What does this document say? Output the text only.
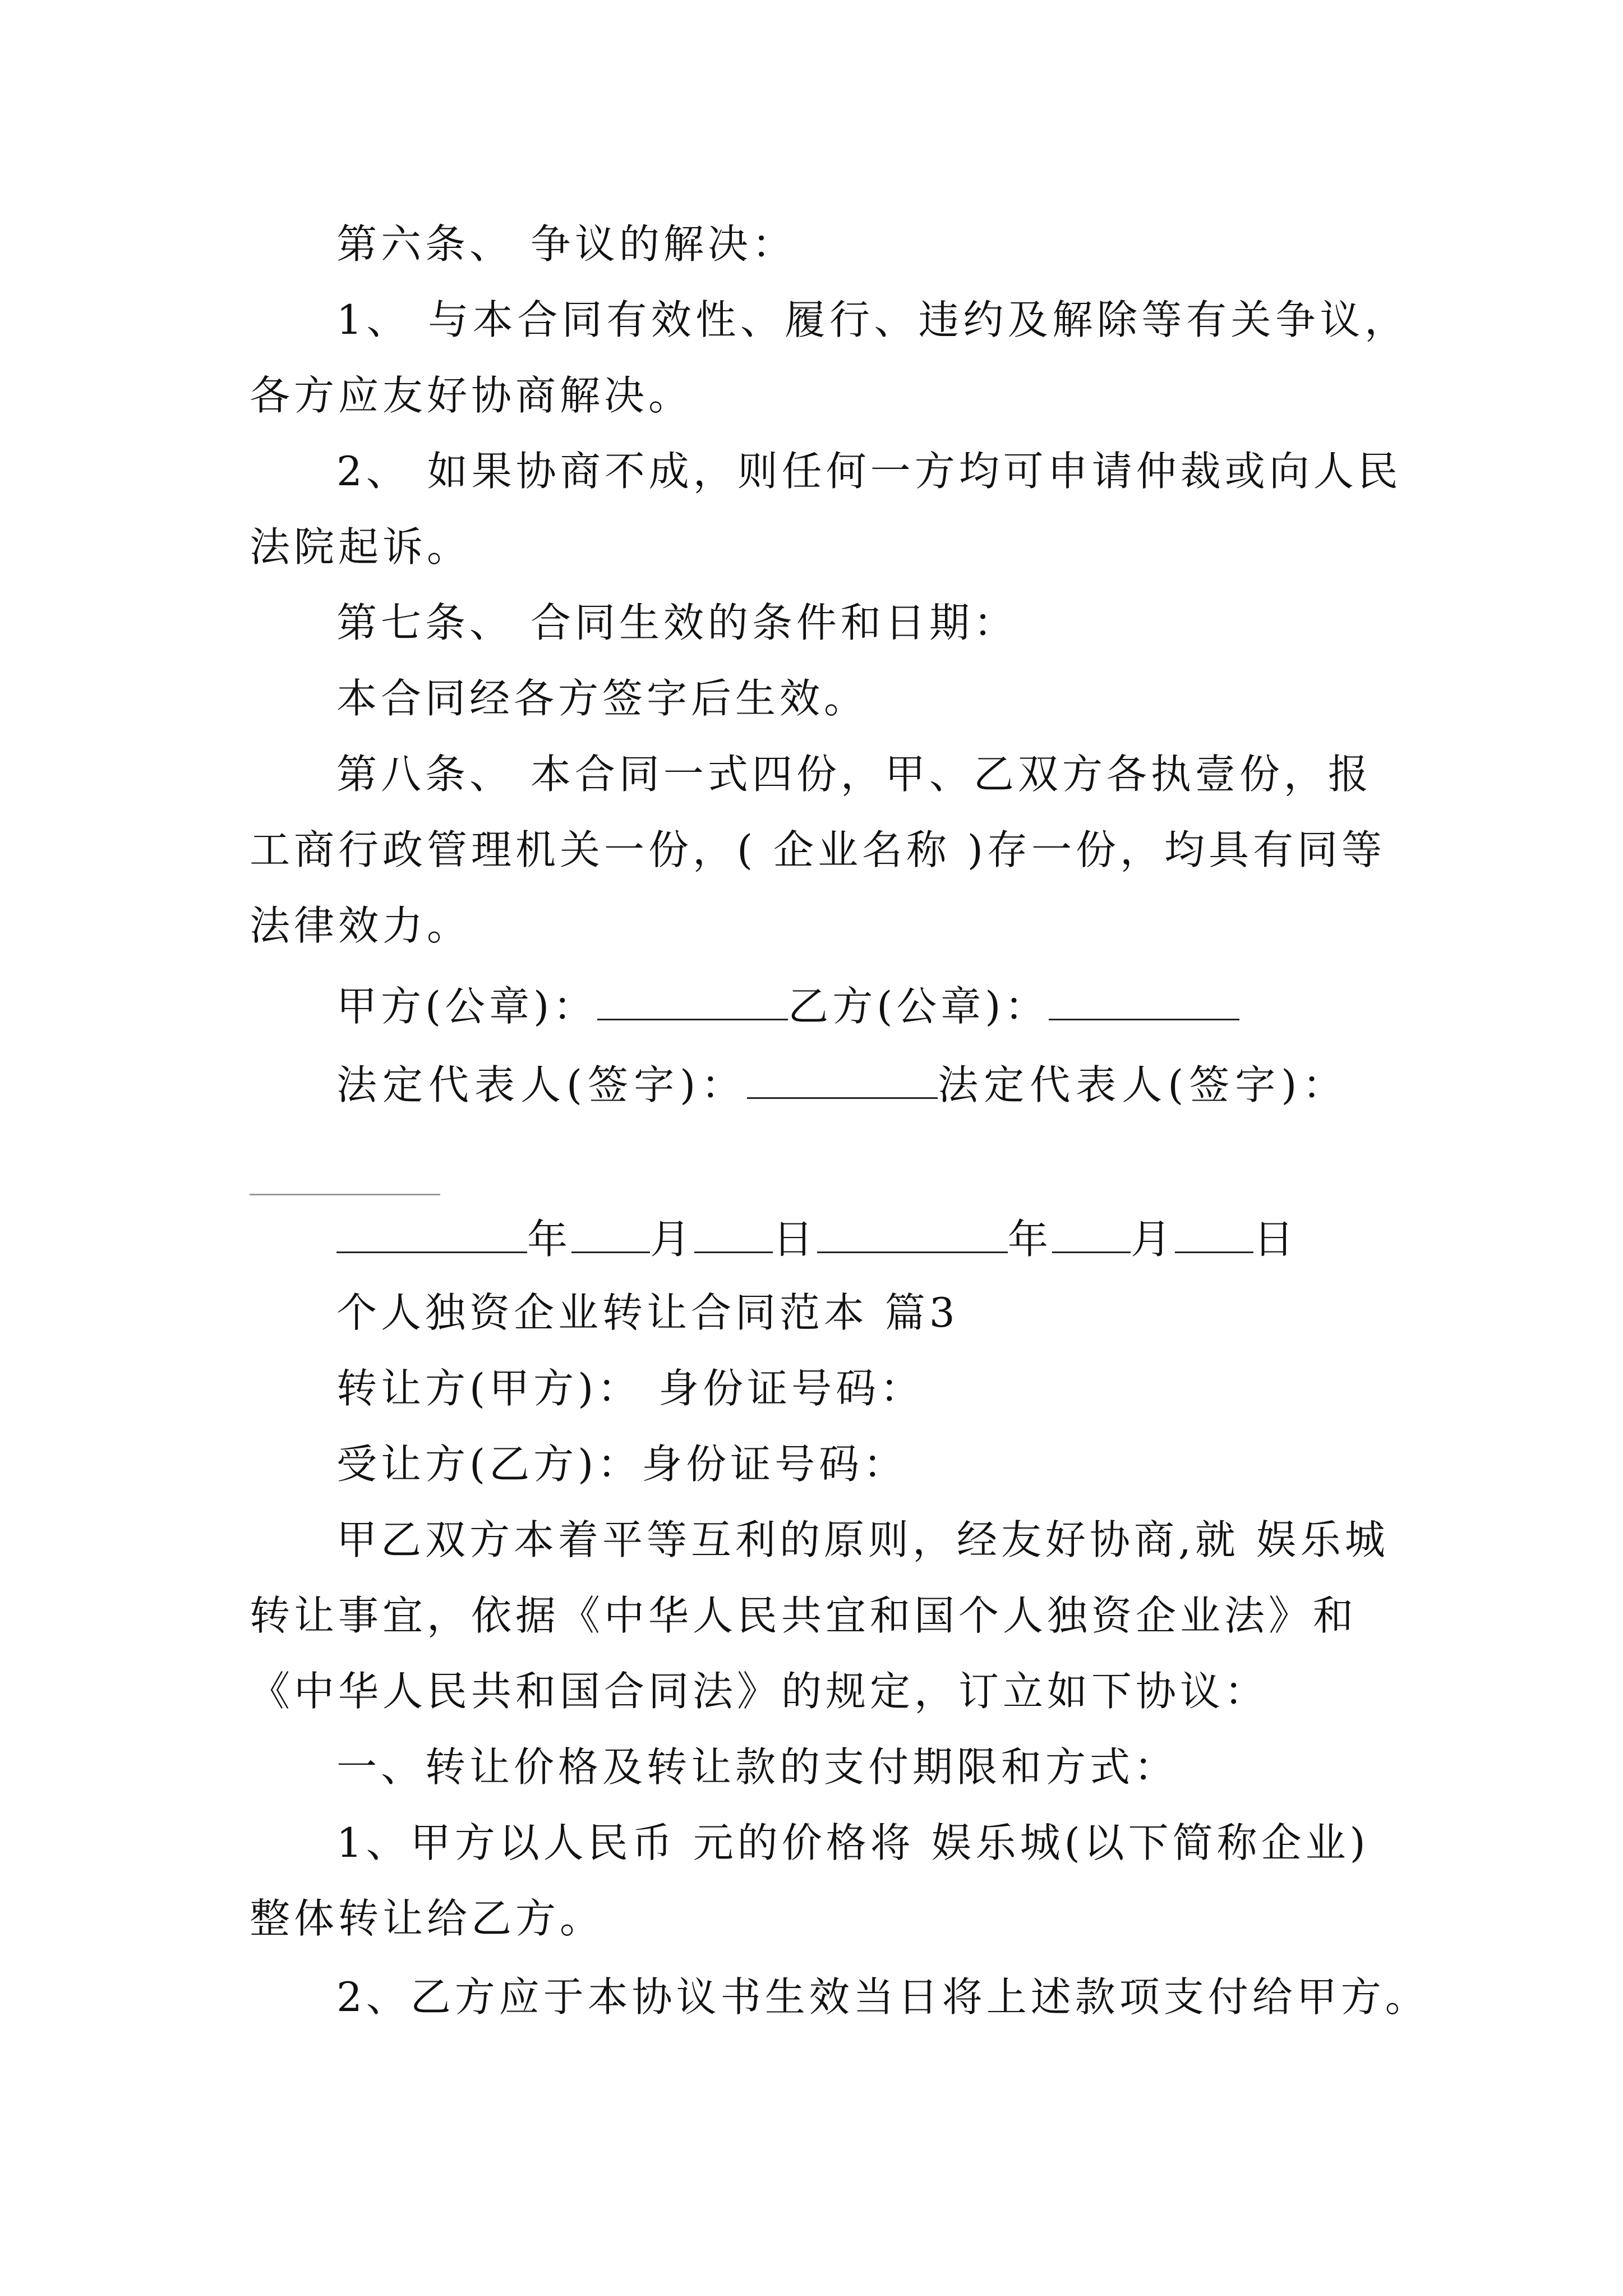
第六条、 争议的解决：
1、 与本合同有效性、履行、违约及解除等有关争议，
各方应友好协商解决。
2、 如果协商不成，则任何一方均可申请仲裁或向人民
法院起诉。
第七条、 合同生效的条件和日期：
本合同经各方签字后生效。
第八条、 本合同一式四份，甲、乙双方各执壹份，报
工商行政管理机关一份，( 企业名称 )存一份，均具有同等
法律效力。
甲方(公章)：	乙方(公章)：
法定代表人(签字)：	法定代表人(签字)：
年 月 日	年 月 日
个人独资企业转让合同范本 篇3
转让方(甲方)： 身份证号码：
受让方(乙方)：身份证号码：
甲乙双方本着平等互利的原则，经友好协商,就 娱乐城
转让事宜，依据《中华人民共宜和国个人独资企业法》和
《中华人民共和国合同法》的规定，订立如下协议：
一、转让价格及转让款的支付期限和方式：
1、甲方以人民币 元的价格将 娱乐城(以下简称企业)
整体转让给乙方。
2、乙方应于本协议书生效当日将上述款项支付给甲方。
